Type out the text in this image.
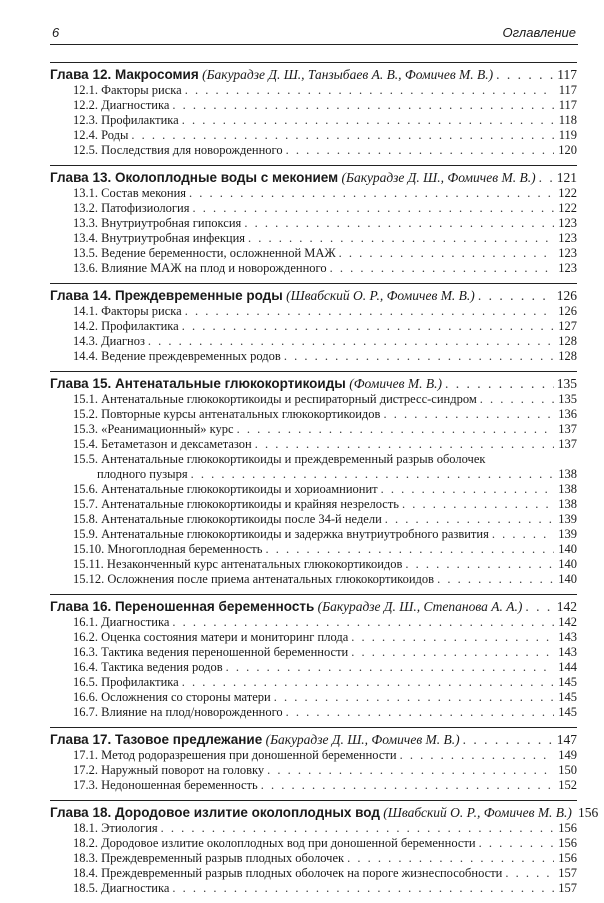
6	Оглавление
Глава 12. Макросомия (Бакурадзе Д. Ш., Танзыбаев А. В., Фомичев М. В.) . . .	117
12.1. Факторы риска . . .	117
12.2. Диагностика . . .	117
12.3. Профилактика . . .	118
12.4. Роды . . .	119
12.5. Последствия для новорожденного . . .	120
Глава 13. Околоплодные воды с меконием (Бакурадзе Д. Ш., Фомичев М. В.) . . . 121
13.1. Состав мекония . . .	122
13.2. Патофизиология . . .	122
13.3. Внутриутробная гипоксия . . .	123
13.4. Внутриутробная инфекция . . .	123
13.5. Ведение беременности, осложненной МАЖ . . .	123
13.6. Влияние МАЖ на плод и новорожденного . . .	123
Глава 14. Преждевременные роды (Швабский О. Р., Фомичев М. В.) . . .	126
14.1. Факторы риска . . .	126
14.2. Профилактика . . .	127
14.3. Диагноз . . .	128
14.4. Ведение преждевременных родов . . .	128
Глава 15. Антенатальные глюкокортикоиды (Фомичев М. В.) . . .	135
15.1. Антенатальные глюкокортикоиды и респираторный дистресс-синдром . . .	135
15.2. Повторные курсы антенатальных глюкокортикоидов . . .	136
15.3. «Реанимационный» курс . . .	137
15.4. Бетаметазон и дексаметазон . . .	137
15.5. Антенатальные глюкокортикоиды и преждевременный разрыв оболочек
плодного пузыря . . .	138
15.6. Антенатальные глюкокортикоиды и хориоамнионит . . .	138
15.7. Антенатальные глюкокортикоиды и крайняя незрелость . . .	138
15.8. Антенатальные глюкокортикоиды после 34-й недели . . .	139
15.9. Антенатальные глюкокортикоиды и задержка внутриутробного развития . . .	139
15.10. Многоплодная беременность . . .	140
15.11. Незаконченный курс антенатальных глюкокортикоидов . . .	140
15.12. Осложнения после приема антенатальных глюкокортикоидов . . .	140
Глава 16. Переношенная беременность (Бакурадзе Д. Ш., Степанова А. А.) . . .	142
16.1. Диагностика . . .	142
16.2. Оценка состояния матери и мониторинг плода . . .	143
16.3. Тактика ведения переношенной беременности . . .	143
16.4. Тактика ведения родов . . .	144
16.5. Профилактика . . .	145
16.6. Осложнения со стороны матери . . .	145
16.7. Влияние на плод/новорожденного . . .	145
Глава 17. Тазовое предлежание (Бакурадзе Д. Ш., Фомичев М. В.) . . .	147
17.1. Метод родоразрешения при доношенной беременности . . .	149
17.2. Наружный поворот на головку . . .	150
17.3. Недоношенная беременность . . .	152
Глава 18. Дородовое излитие околоплодных вод (Швабский О. Р., Фомичев М. В.) 156
18.1. Этиология . . .	156
18.2. Дородовое излитие околоплодных вод при доношенной беременности . . .	156
18.3. Преждевременный разрыв плодных оболочек . . .	156
18.4. Преждевременный разрыв плодных оболочек на пороге жизнеспособности . . .	157
18.5. Диагностика . . .	157
